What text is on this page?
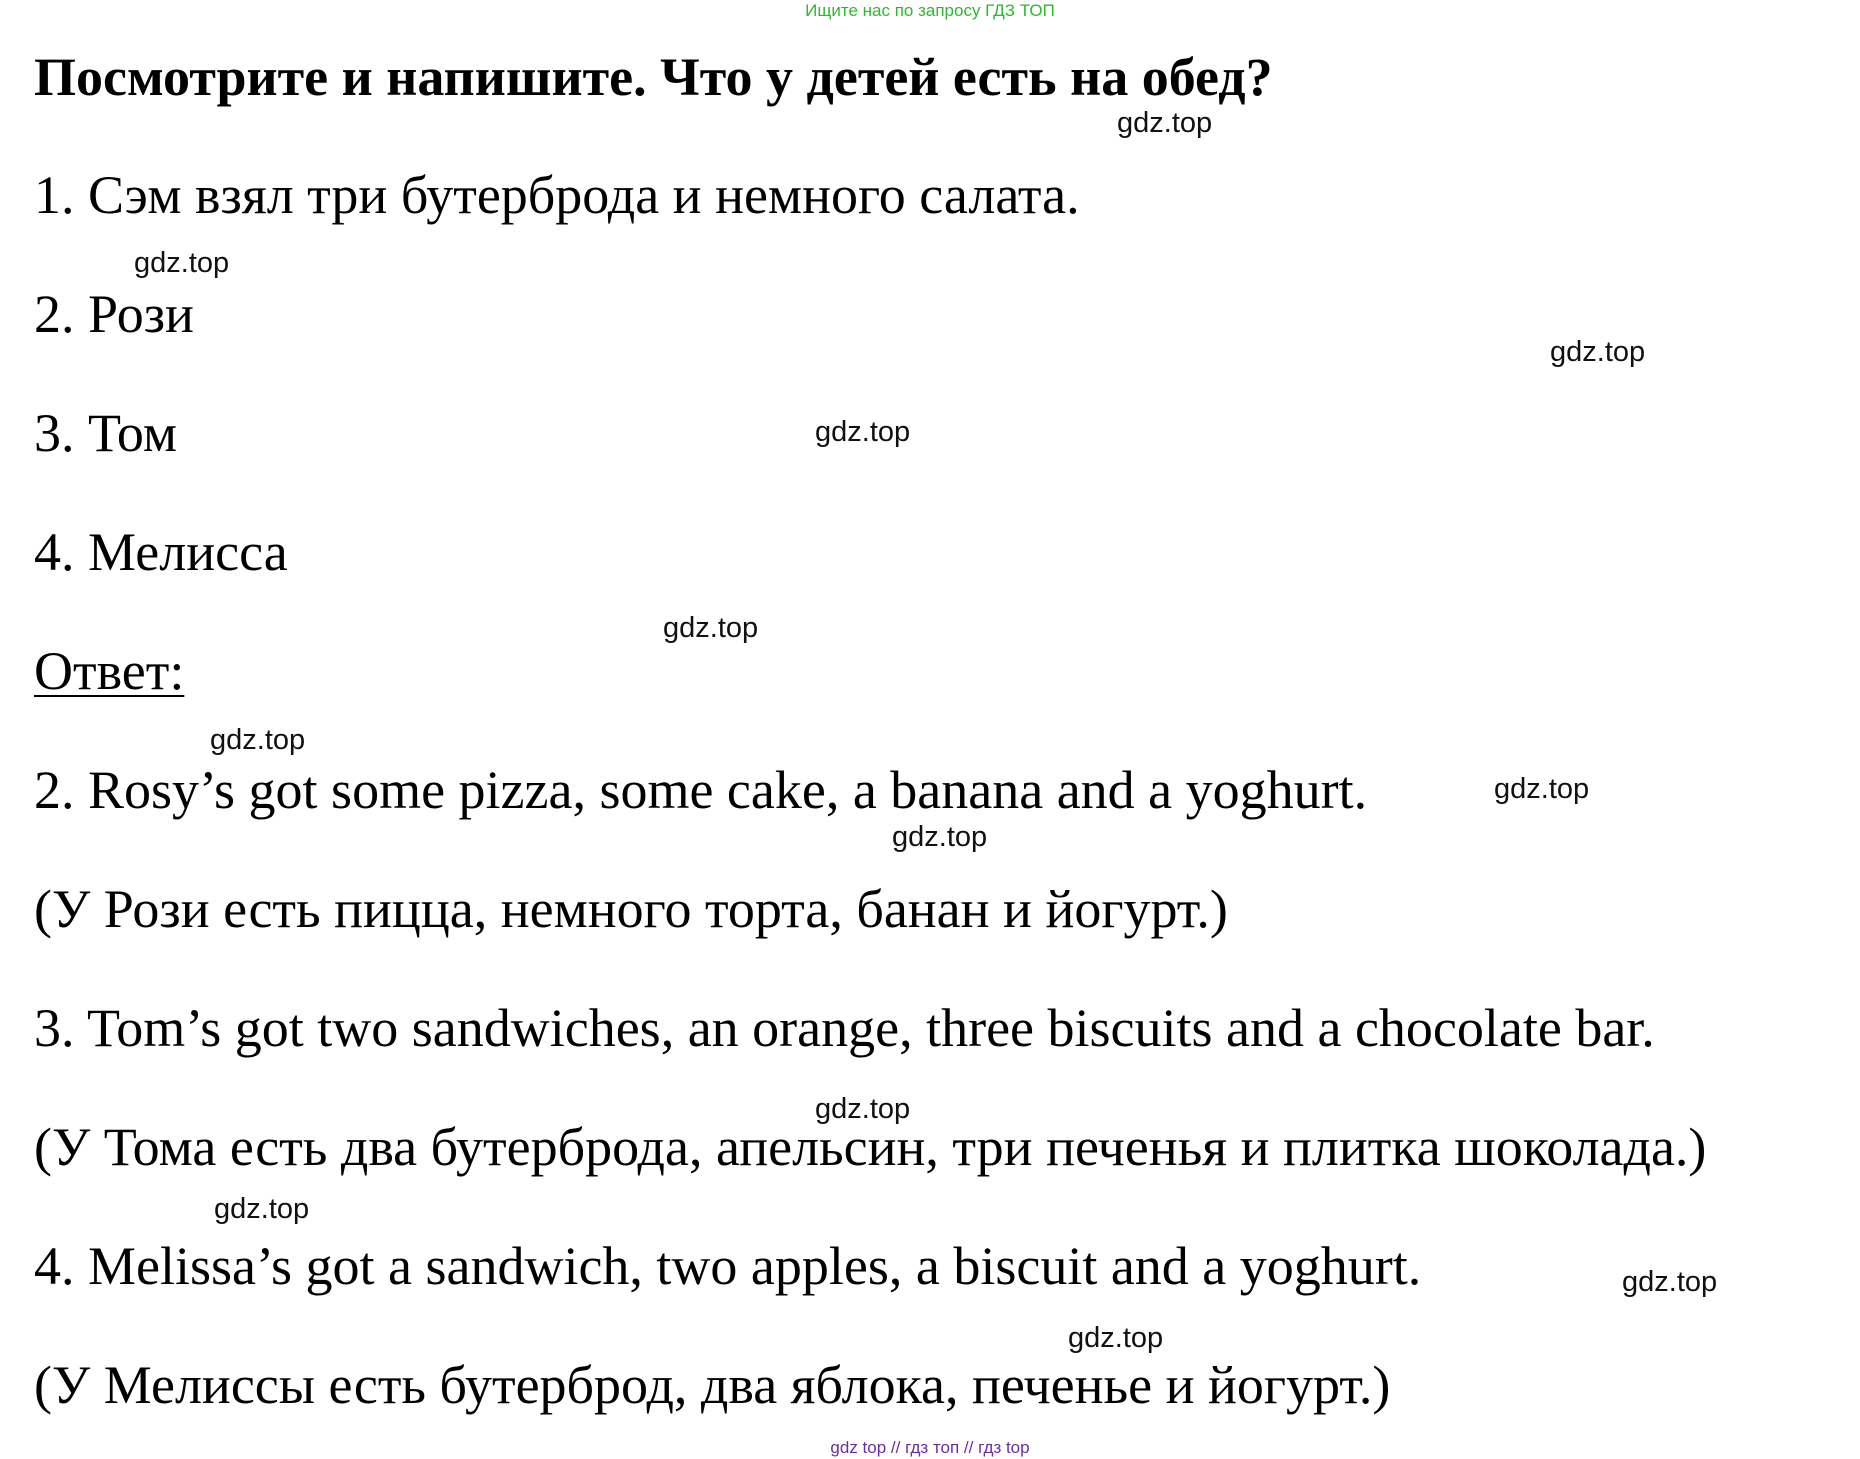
Ищите нас по запросу ГДЗ ТОП
Посмотрите и напишите. Что у детей есть на обед?
1. Сэм взял три бутерброда и немного салата.
2. Рози
3. Том
4. Мелисса
Ответ:
2. Rosy’s got some pizza, some cake, a banana and a yoghurt.
(У Рози есть пицца, немного торта, банан и йогурт.)
3. Tom’s got two sandwiches, an orange, three biscuits and a chocolate bar.
(У Тома есть два бутерброда, апельсин, три печенья и плитка шоколада.)
4. Melissa’s got a sandwich, two apples, a biscuit and a yoghurt.
(У Мелиссы есть бутерброд, два яблока, печенье и йогурт.)
gdz.top
gdz.top
gdz.top
gdz.top
gdz.top
gdz.top
gdz.top
gdz.top
gdz.top
gdz.top
gdz.top
gdz.top
gdz top // гдз топ // гдз top
